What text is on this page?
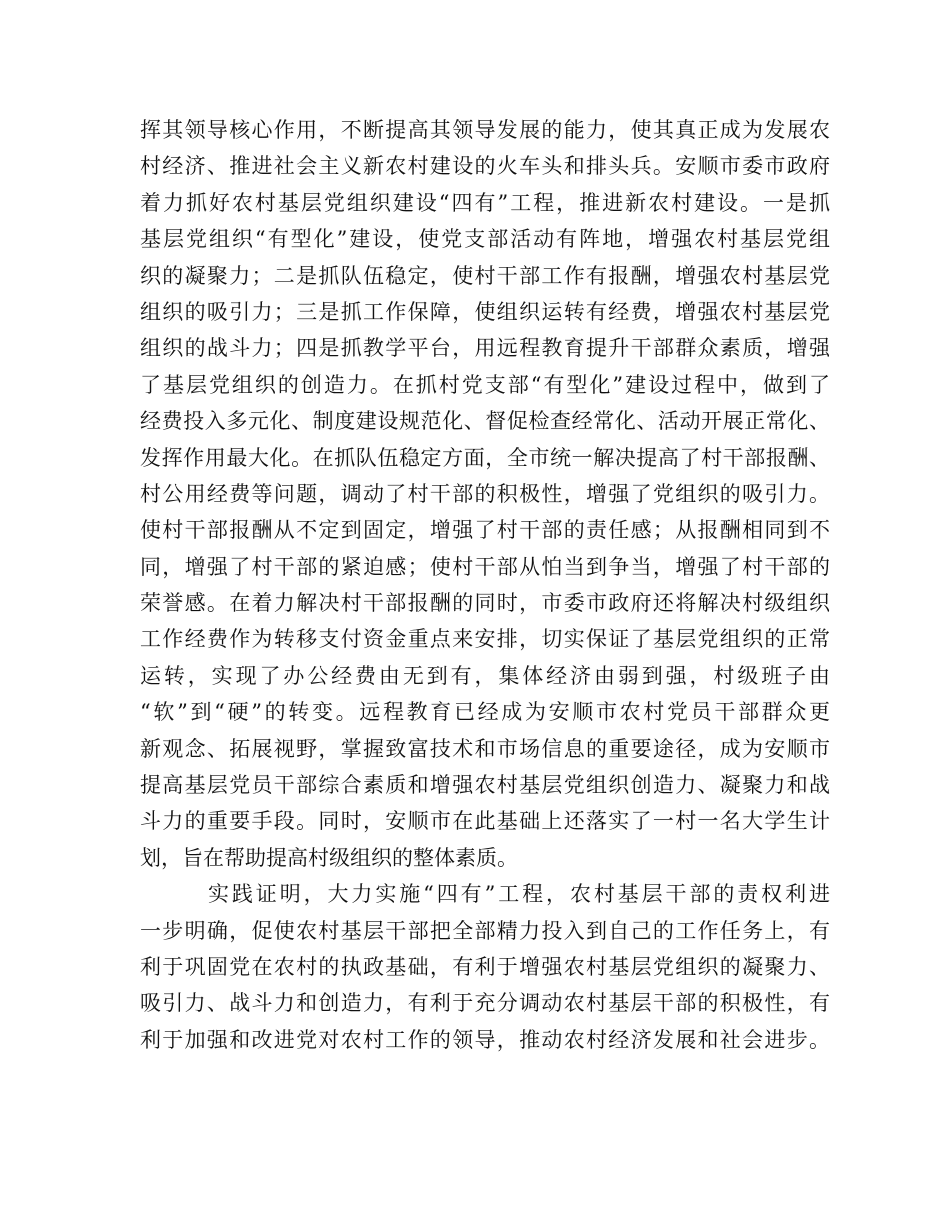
挥其领导核心作用，不断提高其领导发展的能力，使其真正成为发展农
村经济、推进社会主义新农村建设的火车头和排头兵。安顺市委市政府
着力抓好农村基层党组织建设“四有”工程，推进新农村建设。一是抓
基层党组织“有型化”建设，使党支部活动有阵地，增强农村基层党组
织的凝聚力；二是抓队伍稳定，使村干部工作有报酬，增强农村基层党
组织的吸引力；三是抓工作保障，使组织运转有经费，增强农村基层党
组织的战斗力；四是抓教学平台，用远程教育提升干部群众素质，增强
了基层党组织的创造力。在抓村党支部“有型化”建设过程中，做到了
经费投入多元化、制度建设规范化、督促检查经常化、活动开展正常化、
发挥作用最大化。在抓队伍稳定方面，全市统一解决提高了村干部报酬、
村公用经费等问题，调动了村干部的积极性，增强了党组织的吸引力。
使村干部报酬从不定到固定，增强了村干部的责任感；从报酬相同到不
同，增强了村干部的紧迫感；使村干部从怕当到争当，增强了村干部的
荣誉感。在着力解决村干部报酬的同时，市委市政府还将解决村级组织
工作经费作为转移支付资金重点来安排，切实保证了基层党组织的正常
运转，实现了办公经费由无到有，集体经济由弱到强，村级班子由
“软”到“硬”的转变。远程教育已经成为安顺市农村党员干部群众更
新观念、拓展视野，掌握致富技术和市场信息的重要途径，成为安顺市
提高基层党员干部综合素质和增强农村基层党组织创造力、凝聚力和战
斗力的重要手段。同时，安顺市在此基础上还落实了一村一名大学生计
划，旨在帮助提高村级组织的整体素质。
实践证明，大力实施“四有”工程，农村基层干部的责权利进
一步明确，促使农村基层干部把全部精力投入到自己的工作任务上，有
利于巩固党在农村的执政基础，有利于增强农村基层党组织的凝聚力、
吸引力、战斗力和创造力，有利于充分调动农村基层干部的积极性，有
利于加强和改进党对农村工作的领导，推动农村经济发展和社会进步。
